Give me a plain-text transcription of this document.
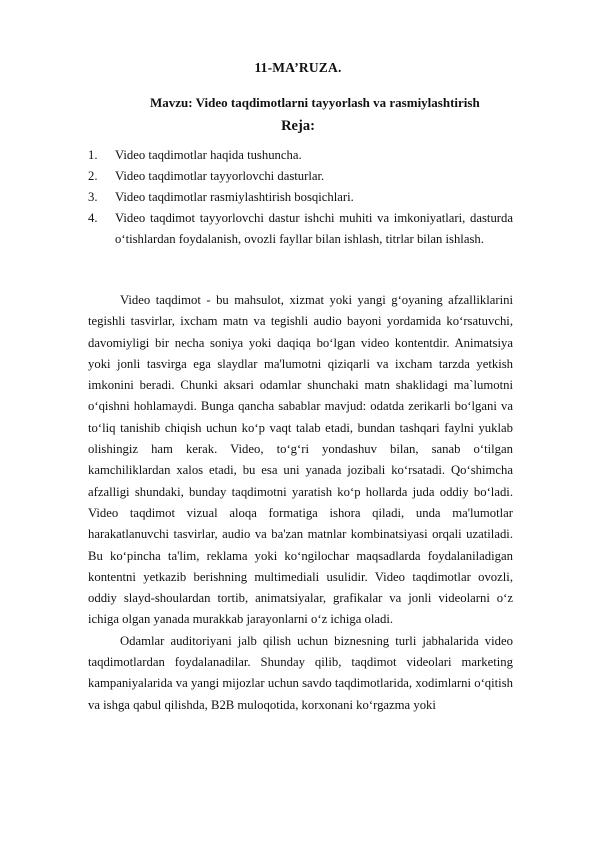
11-MA’RUZA.
Mavzu: Video taqdimotlarni tayyorlash va rasmiylashtirish
Reja:
1. Video taqdimotlar haqida tushuncha.
2. Video taqdimotlar tayyorlovchi dasturlar.
3. Video taqdimotlar rasmiylashtirish bosqichlari.
4. Video taqdimot tayyorlovchi dastur ishchi muhiti va imkoniyatlari, dasturda o‘tishlardan foydalanish, ovozli fayllar bilan ishlash, titrlar bilan ishlash.

Video taqdimot - bu mahsulot, xizmat yoki yangi g‘oyaning afzalliklarini tegishli tasvirlar, ixcham matn va tegishli audio bayoni yordamida ko‘rsatuvchi, davomiyligi bir necha soniya yoki daqiqa bo‘lgan video kontentdir. Animatsiya yoki jonli tasvirga ega slaydlar ma'lumotni qiziqarli va ixcham tarzda yetkish imkonini beradi. Chunki aksari odamlar shunchaki matn shaklidagi ma`lumotni o‘qishni hohlamaydi. Bunga qancha sabablar mavjud: odatda zerikarli bo‘lgani va to‘liq tanishib chiqish uchun ko‘p vaqt talab etadi, bundan tashqari faylni yuklab olishingiz ham kerak. Video, to‘g‘ri yondashuv bilan, sanab o‘tilgan kamchiliklardan xalos etadi, bu esa uni yanada jozibali ko‘rsatadi. Qo‘shimcha afzalligi shundaki, bunday taqdimotni yaratish ko‘p hollarda juda oddiy bo‘ladi. Video taqdimot vizual aloqa formatiga ishora qiladi, unda ma'lumotlar harakatlanuvchi tasvirlar, audio va ba'zan matnlar kombinatsiyasi orqali uzatiladi. Bu ko‘pincha ta'lim, reklama yoki ko‘ngilochar maqsadlarda foydalaniladigan kontentni yetkazib berishning multimediali usulidir. Video taqdimotlar ovozli, oddiy slayd-shoulardan tortib, animatsiyalar, grafikalar va jonli videolarni o‘z ichiga olgan yanada murakkab jarayonlarni o‘z ichiga oladi.

Odamlar auditoriyani jalb qilish uchun biznesning turli jabhalarida video taqdimotlardan foydalanadilar. Shunday qilib, taqdimot videolari marketing kampaniyalarida va yangi mijozlar uchun savdo taqdimotlarida, xodimlarni o‘qitish va ishga qabul qilishda, B2B muloqotida, korxonani ko‘rgazma yoki
